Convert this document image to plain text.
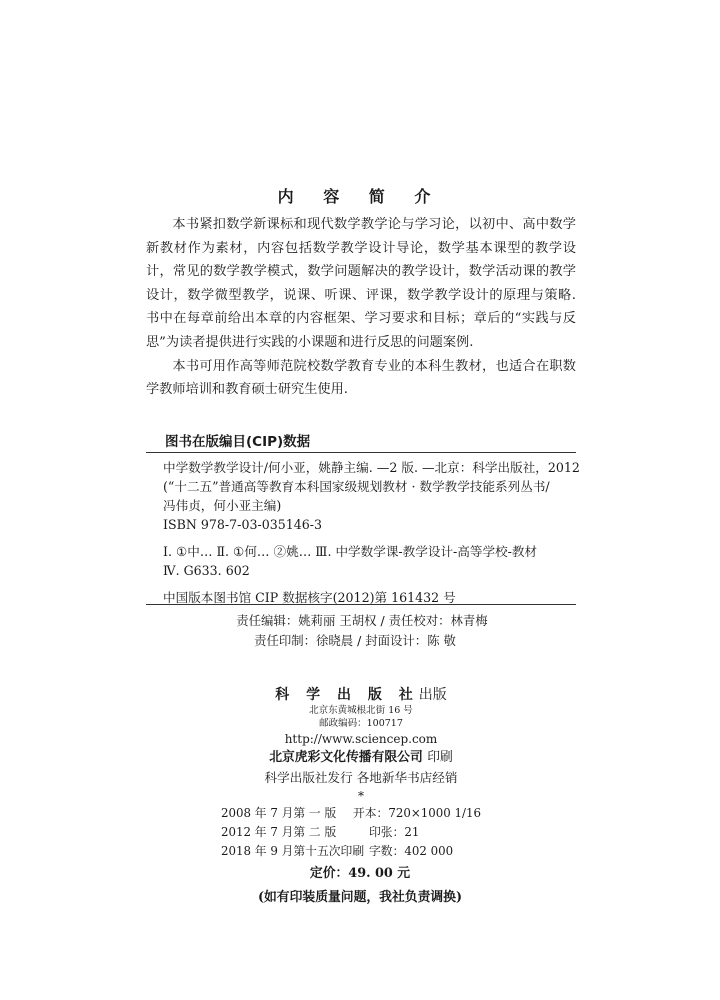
内 容 简 介

本书紧扣数学新课标和现代数学教学论与学习论，以初中、高中数学新教材作为素材，内容包括数学教学设计导论，数学基本课型的教学设计，常见的数学教学模式，数学问题解决的教学设计，数学活动课的教学设计，数学微型教学，说课、听课、评课，数学教学设计的原理与策略. 书中在每章前给出本章的内容框架、学习要求和目标；章后的“实践与反思”为读者提供进行实践的小课题和进行反思的问题案例.

本书可用作高等师范院校数学教育专业的本科生教材，也适合在职数学教师培训和教育硕士研究生使用.

图书在版编目(CIP)数据
中学数学教学设计/何小亚，姚静主编. —2 版. —北京：科学出版社，2012
(“十二五”普通高等教育本科国家级规划教材 · 数学教学技能系列丛书/
冯伟贞，何小亚主编)
ISBN 978-7-03-035146-3
Ⅰ. ①中… Ⅱ. ①何… ②姚… Ⅲ. 中学数学课-教学设计-高等学校-教材
Ⅳ. G633. 602
中国版本图书馆 CIP 数据核字(2012)第 161432 号
责任编辑：姚莉丽 王胡权 / 责任校对：林青梅
责任印制：徐晓晨 / 封面设计：陈 敬
科 学 出 版 社出版
北京东黄城根北街 16 号
邮政编码：100717
http://www.sciencep.com
北京虎彩文化传播有限公司 印刷
科学出版社发行 各地新华书店经销
*
2008 年 7 月第 一 版 开本：720×1000 1/16
2012 年 7 月第 二 版	印张：21
2018 年 9 月第十五次印刷 字数：402 000
定价：49. 00 元
(如有印装质量问题，我社负责调换)
